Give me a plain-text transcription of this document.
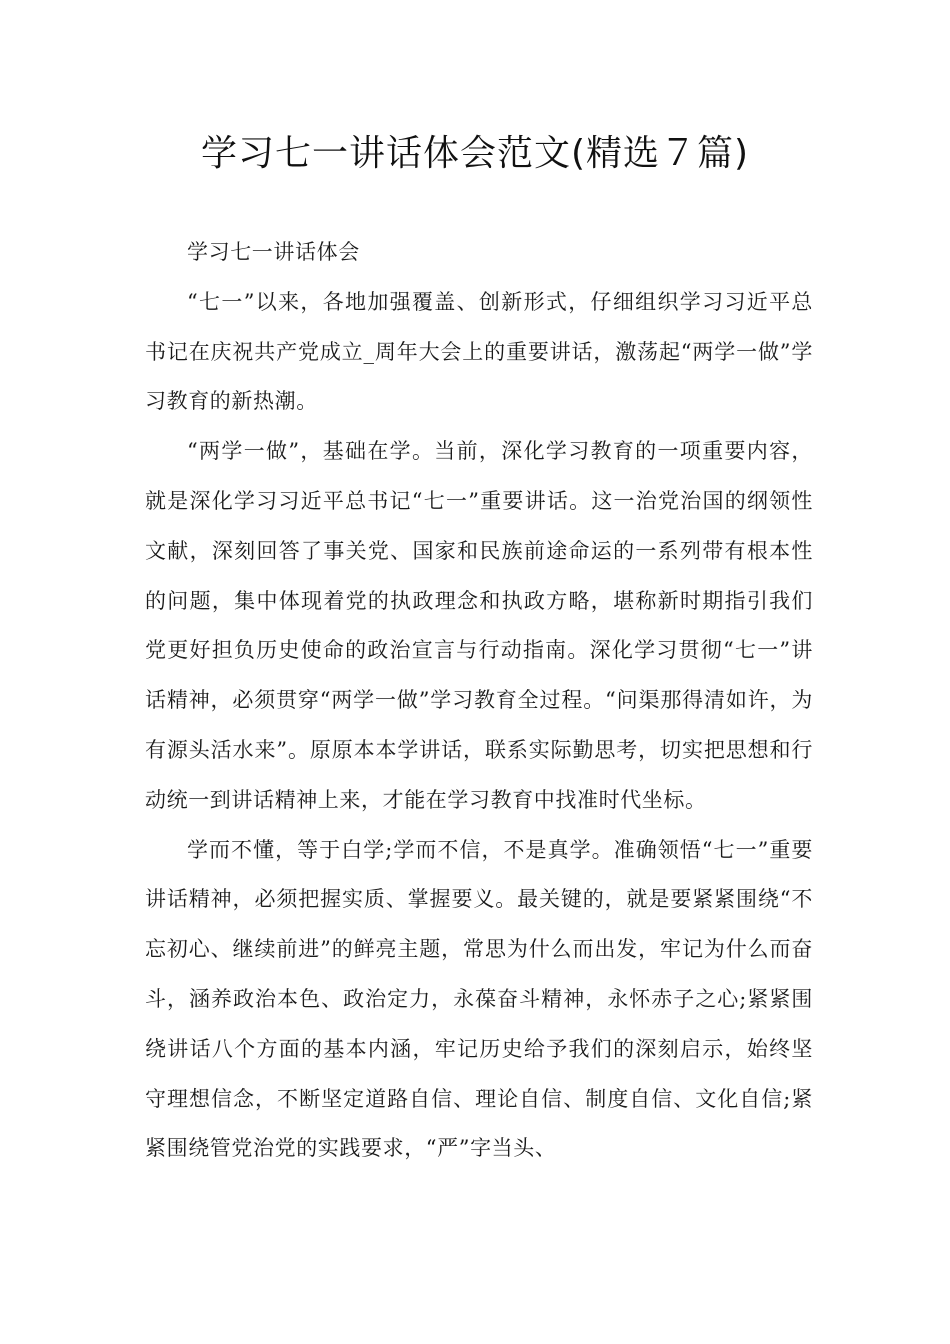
学习七一讲话体会范文(精选７篇)

学习七一讲话体会

“七一”以来，各地加强覆盖、创新形式，仔细组织学习习近平总书记在庆祝共产党成立_周年大会上的重要讲话，激荡起“两学一做”学习教育的新热潮。

“两学一做”，基础在学。当前，深化学习教育的一项重要内容，就是深化学习习近平总书记“七一”重要讲话。这一治党治国的纲领性文献，深刻回答了事关党、国家和民族前途命运的一系列带有根本性的问题，集中体现着党的执政理念和执政方略，堪称新时期指引我们党更好担负历史使命的政治宣言与行动指南。深化学习贯彻“七一”讲话精神，必须贯穿“两学一做”学习教育全过程。“问渠那得清如许，为有源头活水来”。原原本本学讲话，联系实际勤思考，切实把思想和行动统一到讲话精神上来，才能在学习教育中找准时代坐标。

学而不懂，等于白学;学而不信，不是真学。准确领悟“七一”重要讲话精神，必须把握实质、掌握要义。最关键的，就是要紧紧围绕“不忘初心、继续前进”的鲜亮主题，常思为什么而出发，牢记为什么而奋斗，涵养政治本色、政治定力，永葆奋斗精神，永怀赤子之心;紧紧围绕讲话八个方面的基本内涵，牢记历史给予我们的深刻启示，始终坚守理想信念，不断坚定道路自信、理论自信、制度自信、文化自信;紧紧围绕管党治党的实践要求，“严”字当头、
